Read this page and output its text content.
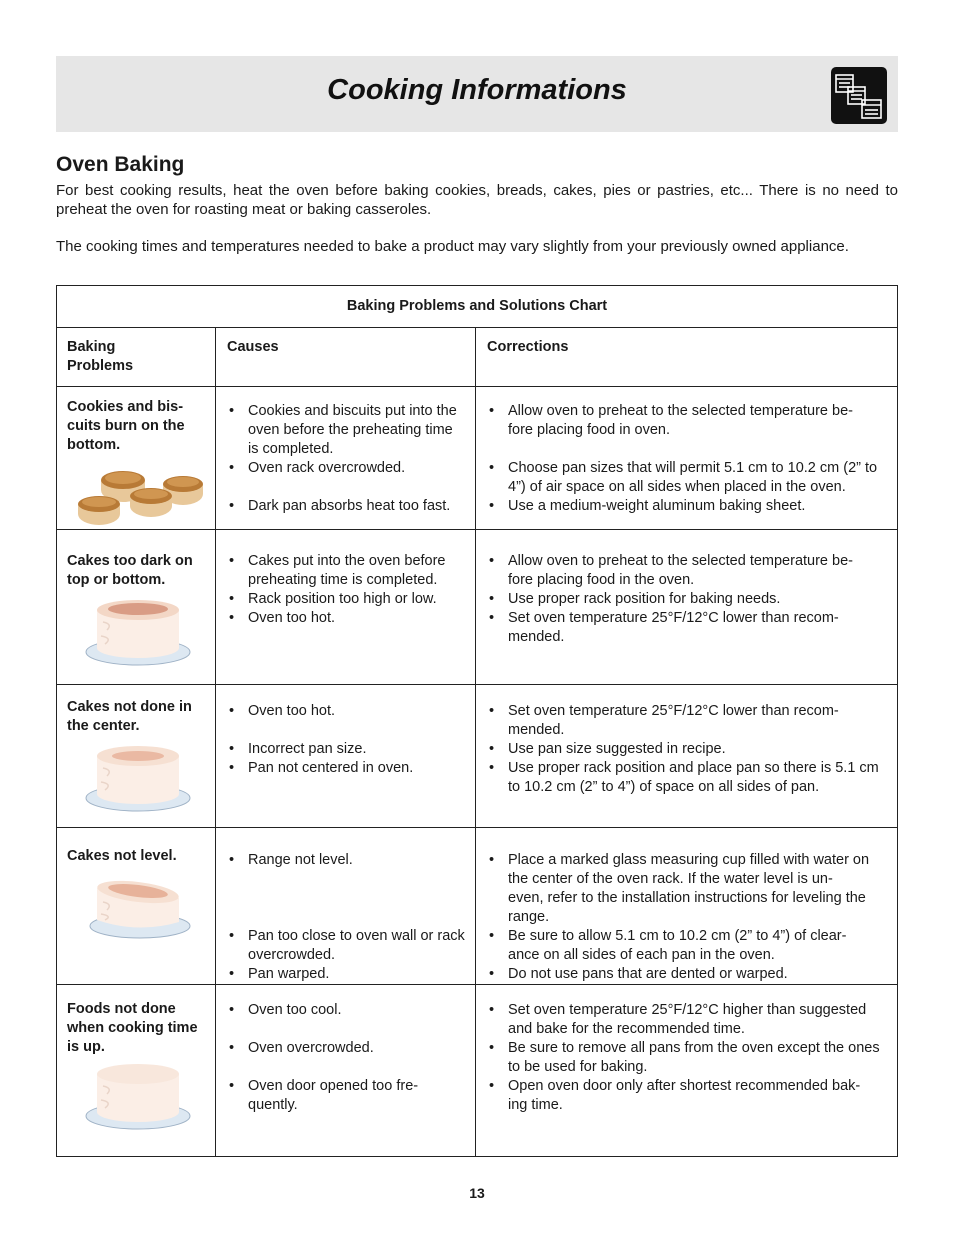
Cooking Informations
Oven Baking

For best cooking results, heat the oven before baking cookies, breads, cakes, pies or pastries, etc... There is no need to preheat the oven for roasting meat or baking casseroles.

The cooking times and temperatures needed to bake a product may vary slightly from your previously owned appliance.

Baking Problems and Solutions Chart
Baking
Problems
Causes	Corrections
Cookies and bis-
cuits burn on the
bottom.
• Cookies and biscuits put into the oven before the preheating time is completed.
• Oven rack overcrowded.
• Dark pan absorbs heat too fast.
• Allow oven to preheat to the selected temperature be-
fore placing food in oven.
• Choose pan sizes that will permit 5.1 cm to 10.2 cm (2” to 4”) of air space on all sides when placed in the oven.
• Use a medium-weight aluminum baking sheet.
Cakes too dark on
top or bottom.
• Cakes put into the oven before preheating time is completed.
• Rack position too high or low.
• Oven too hot.
• Allow oven to preheat to the selected temperature be-
fore placing food in the oven.
• Use proper rack position for baking needs.
• Set oven temperature 25°F/12°C lower than recom-
mended.
Cakes not done in
the center.
• Oven too hot.
• Incorrect pan size.
• Pan not centered in oven.
• Set oven temperature 25°F/12°C lower than recom-
mended.
• Use pan size suggested in recipe.
• Use proper rack position and place pan so there is 5.1 cm to 10.2 cm (2” to 4”) of space on all sides of pan.
Cakes not level.
•	Range not level.
• Pan too close to oven wall or rack overcrowded.
• Pan warped.
• Place a marked glass measuring cup filled with water on the center of the oven rack. If the water level is un-
even, refer to the installation instructions for leveling the range.
• Be sure to allow 5.1 cm to 10.2 cm (2” to 4”) of clear-
ance on all sides of each pan in the oven.
• Do not use pans that are dented or warped.
Foods not done
when cooking time
is up.
• Oven too cool.
• Oven overcrowded.
• Oven door opened too fre-
quently.
• Set oven temperature 25°F/12°C higher than suggested and bake for the recommended time.
• Be sure to remove all pans from the oven except the ones to be used for baking.
• Open oven door only after shortest recommended bak-
ing time.
13
